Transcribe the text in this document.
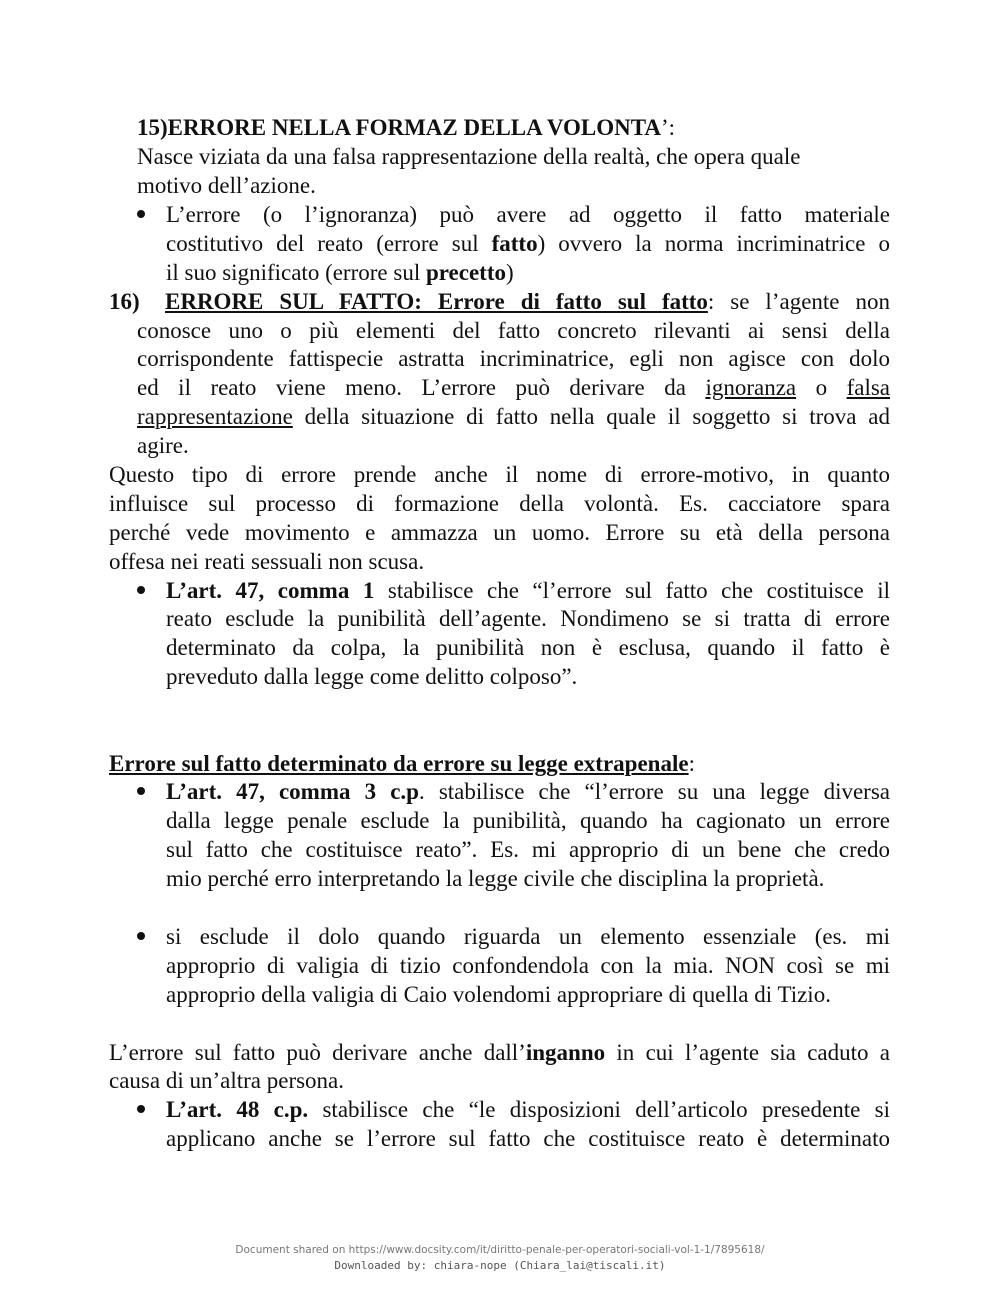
15)ERRORE NELLA FORMAZ DELLA VOLONTA’:
Nasce viziata da una falsa rappresentazione della realtà, che opera quale
motivo dell’azione.
L’errore (o l’ignoranza) può avere ad oggetto il fatto materiale
costitutivo del reato (errore sul fatto) ovvero la norma incriminatrice o
il suo significato (errore sul precetto)
16) ERRORE SUL FATTO: Errore di fatto sul fatto: se l’agente non
conosce uno o più elementi del fatto concreto rilevanti ai sensi della
corrispondente fattispecie astratta incriminatrice, egli non agisce con dolo
ed il reato viene meno. L’errore può derivare da ignoranza o falsa
rappresentazione della situazione di fatto nella quale il soggetto si trova ad
agire.
Questo tipo di errore prende anche il nome di errore-motivo, in quanto
influisce sul processo di formazione della volontà. Es. cacciatore spara
perché vede movimento e ammazza un uomo. Errore su età della persona
offesa nei reati sessuali non scusa.
L’art. 47, comma 1 stabilisce che “l’errore sul fatto che costituisce il
reato esclude la punibilità dell’agente. Nondimeno se si tratta di errore
determinato da colpa, la punibilità non è esclusa, quando il fatto è
preveduto dalla legge come delitto colposo”.
Errore sul fatto determinato da errore su legge extrapenale:
L’art. 47, comma 3 c.p. stabilisce che “l’errore su una legge diversa
dalla legge penale esclude la punibilità, quando ha cagionato un errore
sul fatto che costituisce reato”. Es. mi approprio di un bene che credo
mio perché erro interpretando la legge civile che disciplina la proprietà.
si esclude il dolo quando riguarda un elemento essenziale (es. mi
approprio di valigia di tizio confondendola con la mia. NON così se mi
approprio della valigia di Caio volendomi appropriare di quella di Tizio.
L’errore sul fatto può derivare anche dall’inganno in cui l’agente sia caduto a
causa di un’altra persona.
L’art. 48 c.p. stabilisce che “le disposizioni dell’articolo presedente si
applicano anche se l’errore sul fatto che costituisce reato è determinato
Document shared on https://www.docsity.com/it/diritto-penale-per-operatori-sociali-vol-1-1/7895618/
Downloaded by: chiara-nope (Chiara_lai@tiscali.it)
